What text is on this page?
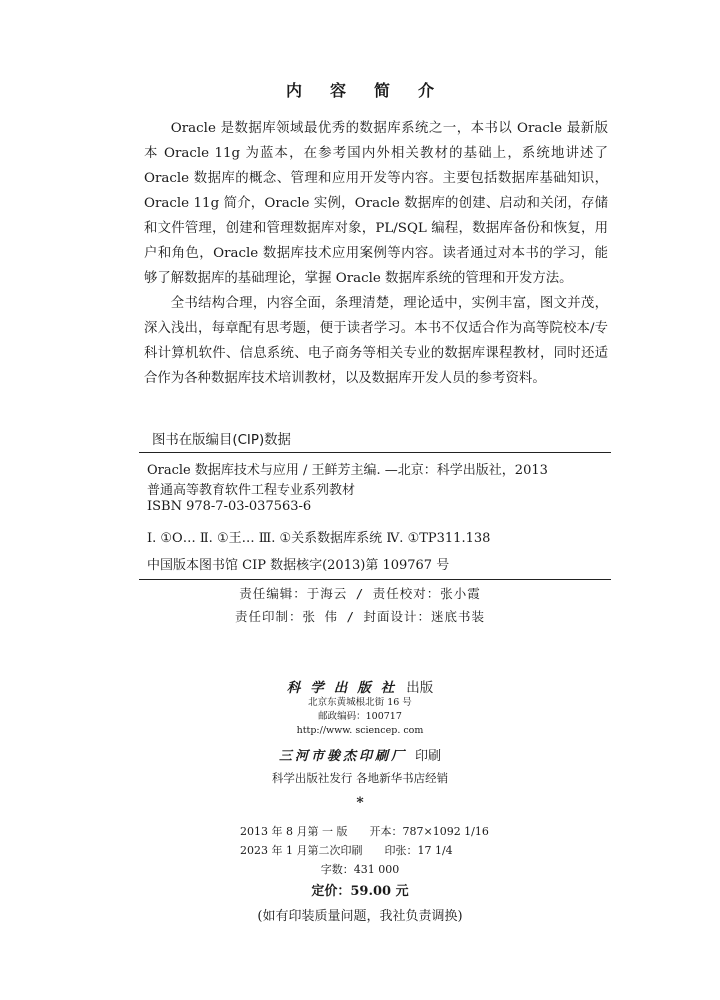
内容简介

Oracle 是数据库领域最优秀的数据库系统之一，本书以 Oracle 最新版本 Oracle 11g 为蓝本，在参考国内外相关教材的基础上，系统地讲述了 Oracle 数据库的概念、管理和应用开发等内容。主要包括数据库基础知识，Oracle 11g 简介，Oracle 实例，Oracle 数据库的创建、启动和关闭，存储和文件管理，创建和管理数据库对象，PL/SQL 编程，数据库备份和恢复，用户和角色，Oracle 数据库技术应用案例等内容。读者通过对本书的学习，能够了解数据库的基础理论，掌握 Oracle 数据库系统的管理和开发方法。

全书结构合理，内容全面，条理清楚，理论适中，实例丰富，图文并茂，深入浅出，每章配有思考题，便于读者学习。本书不仅适合作为高等院校本/专科计算机软件、信息系统、电子商务等相关专业的数据库课程教材，同时还适合作为各种数据库技术培训教材，以及数据库开发人员的参考资料。

图书在版编目(CIP)数据
Oracle 数据库技术与应用 / 王鲜芳主编. —北京：科学出版社，2013
普通高等教育软件工程专业系列教材
ISBN 978-7-03-037563-6
Ⅰ. ①O… Ⅱ. ①王… Ⅲ. ①关系数据库系统 Ⅳ. ①TP311.138
中国版本图书馆 CIP 数据核字(2013)第 109767 号
责任编辑：于海云 / 责任校对：张小霞
责任印制：张 伟 / 封面设计：迷底书装
科学出版社 出版
北京东黄城根北街 16 号
邮政编码：100717
http://www. sciencep. com
三河市骏杰印刷厂 印刷
科学出版社发行 各地新华书店经销
*
2013 年 8 月第 一 版 开本：787×1092 1/16
2023 年 1 月第二次印刷 印张：17 1/4
字数：431 000
定价：59.00 元
(如有印装质量问题，我社负责调换)
